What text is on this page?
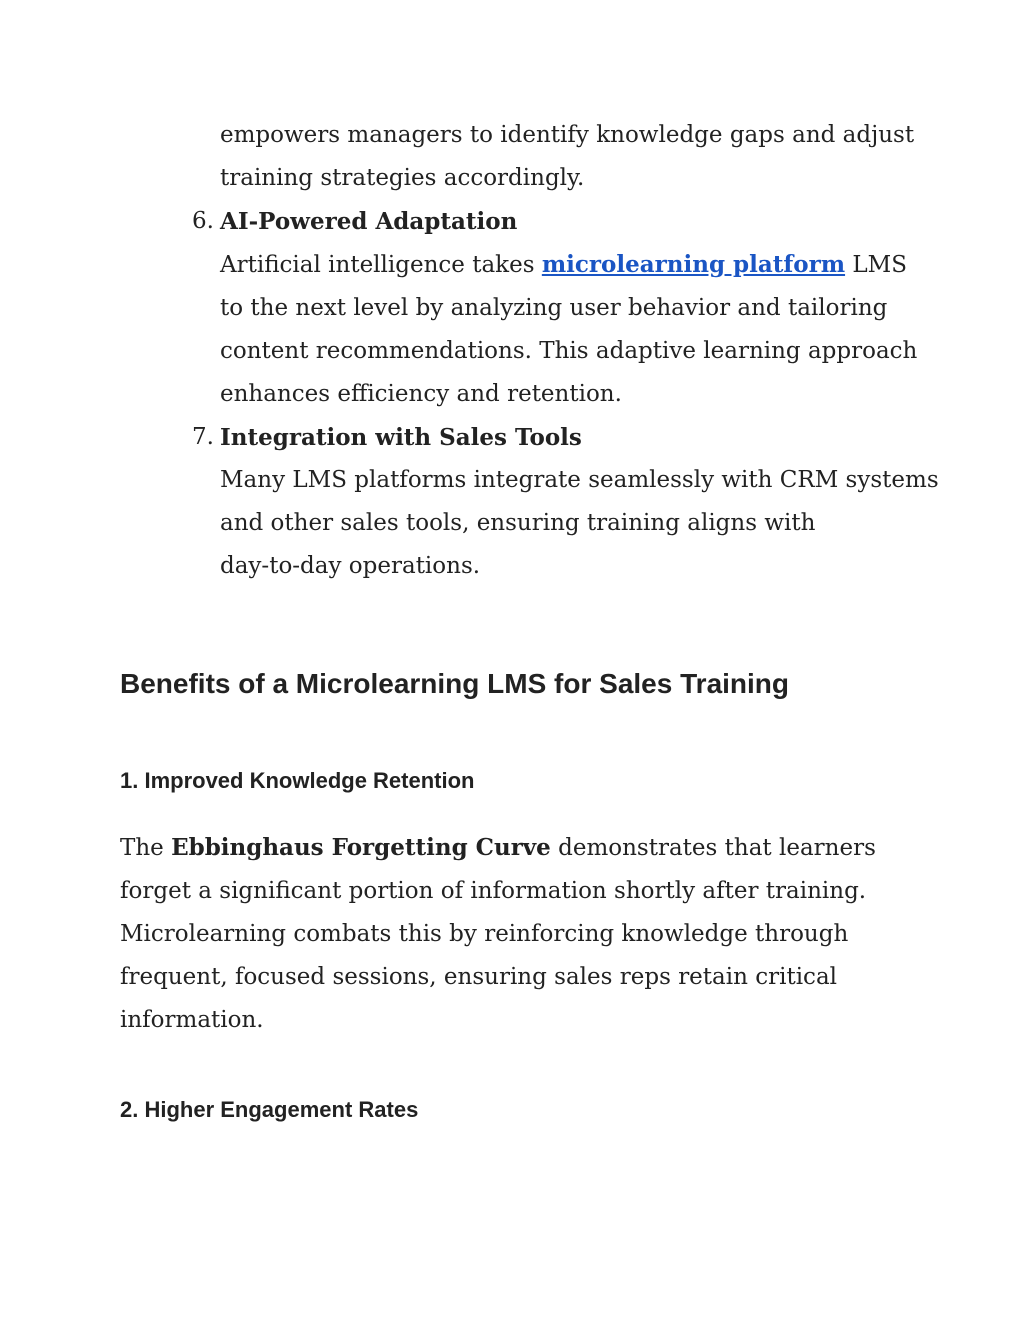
empowers managers to identify knowledge gaps and adjust
training strategies accordingly.
6. AI-Powered Adaptation
Artificial intelligence takes microlearning platform LMS
to the next level by analyzing user behavior and tailoring
content recommendations. This adaptive learning approach
enhances efficiency and retention.
7. Integration with Sales Tools
Many LMS platforms integrate seamlessly with CRM systems
and other sales tools, ensuring training aligns with
day-to-day operations.
Benefits of a Microlearning LMS for Sales Training
1. Improved Knowledge Retention
The Ebbinghaus Forgetting Curve demonstrates that learners
forget a significant portion of information shortly after training.
Microlearning combats this by reinforcing knowledge through
frequent, focused sessions, ensuring sales reps retain critical
information.
2. Higher Engagement Rates
